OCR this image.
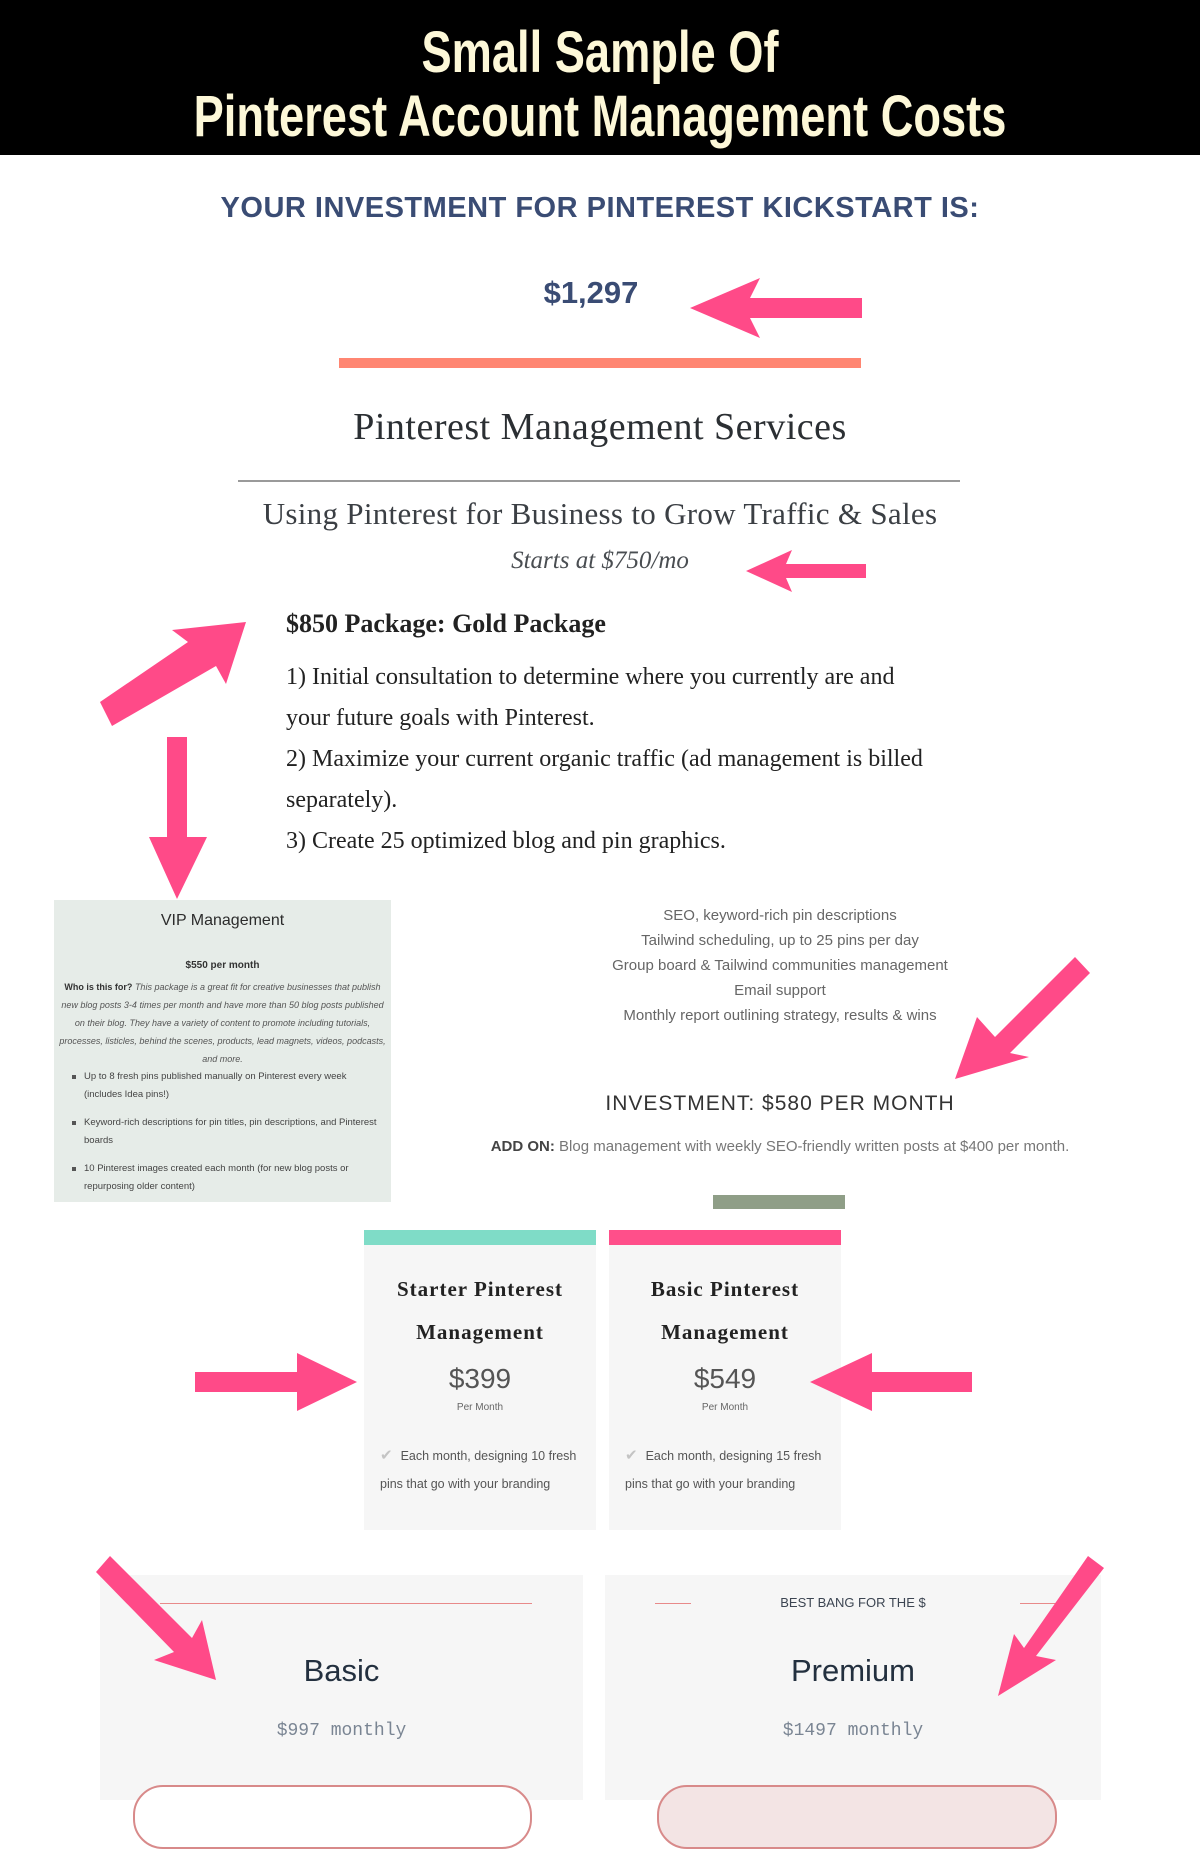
Small Sample Of
Pinterest Account Management Costs
YOUR INVESTMENT FOR PINTEREST KICKSTART IS:
$1,297
Pinterest Management Services
Using Pinterest for Business to Grow Traffic & Sales
Starts at $750/mo
$850 Package: Gold Package
1) Initial consultation to determine where you currently are and
your future goals with Pinterest.
2) Maximize your current organic traffic (ad management is billed
separately).
3) Create 25 optimized blog and pin graphics.
VIP Management
$550 per month
Who is this for? This package is a great fit for creative businesses that publish new blog posts 3-4 times per month and have more than 50 blog posts published on their blog. They have a variety of content to promote including tutorials, processes, listicles, behind the scenes, products, lead magnets, videos, podcasts, and more.
Up to 8 fresh pins published manually on Pinterest every week (includes Idea pins!)
Keyword-rich descriptions for pin titles, pin descriptions, and Pinterest boards
10 Pinterest images created each month (for new blog posts or repurposing older content)
SEO, keyword-rich pin descriptions
Tailwind scheduling, up to 25 pins per day
Group board & Tailwind communities management
Email support
Monthly report outlining strategy, results & wins
INVESTMENT: $580 PER MONTH
ADD ON: Blog management with weekly SEO-friendly written posts at $400 per month.
Starter Pinterest
Management
$399
Per Month
✔ Each month, designing 10 fresh pins that go with your branding
Basic Pinterest
Management
$549
Per Month
✔ Each month, designing 15 fresh pins that go with your branding
Basic
$997 monthly
BEST BANG FOR THE $
Premium
$1497 monthly
